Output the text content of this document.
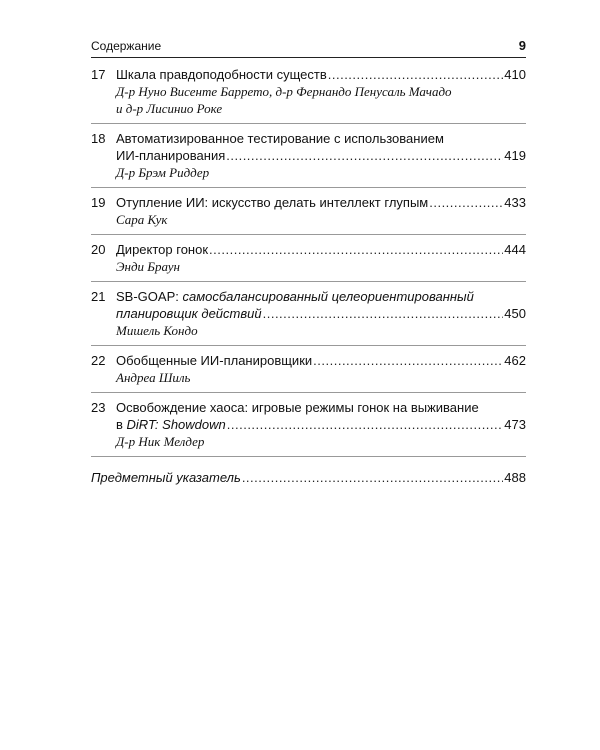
Содержание	9
17 Шкала правдоподобности существ .....	410
Д-р Нуно Висенте Баррето, д-р Фернандо Пенусаль Мачадо
и д-р Лисинио Роке
18 Автоматизированное тестирование с использованием
ИИ-планирования .....	419
Д-р Брэм Риддер
19 Отупление ИИ: искусство делать интеллект глупым .....	433
Сара Кук
20 Директор гонок .....	444
Энди Браун
21 SB-GOAP: самосбалансированный целеориентированный
планировщик действий .....	450
Мишель Кондо
22 Обобщенные ИИ-планировщики .....	462
Андреа Шиль
23 Освобождение хаоса: игровые режимы гонок на выживание
в DiRT: Showdown .....	473
Д-р Ник Мелдер
Предметный указатель .....	488
